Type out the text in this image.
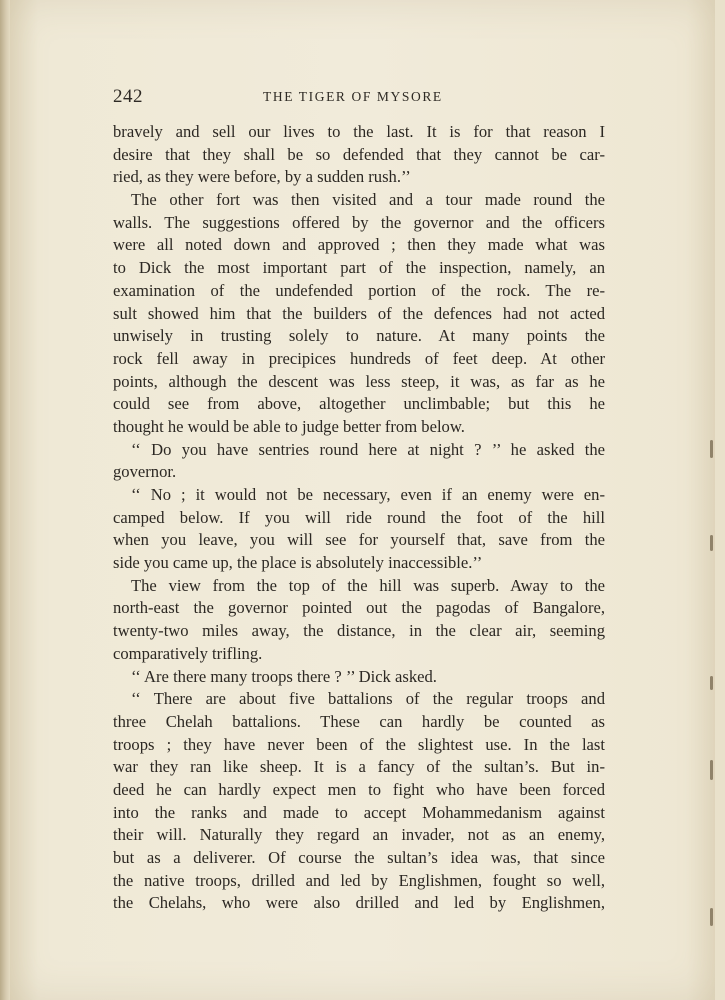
242	THE TIGER OF MYSORE
bravely and sell our lives to the last. It is for that reason I
desire that they shall be so defended that they cannot be car-
ried, as they were before, by a sudden rush.’’
The other fort was then visited and a tour made round the
walls. The suggestions offered by the governor and the officers
were all noted down and approved ; then they made what was
to Dick the most important part of the inspection, namely, an
examination of the undefended portion of the rock. The re-
sult showed him that the builders of the defences had not acted
unwisely in trusting solely to nature. At many points the
rock fell away in precipices hundreds of feet deep. At other
points, although the descent was less steep, it was, as far as he
could see from above, altogether unclimbable; but this he
thought he would be able to judge better from below.
‘‘ Do you have sentries round here at night ? ’’ he asked the
governor.
‘‘ No ; it would not be necessary, even if an enemy were en-
camped below. If you will ride round the foot of the hill
when you leave, you will see for yourself that, save from the
side you came up, the place is absolutely inaccessible.’’
The view from the top of the hill was superb. Away to the
north-east the governor pointed out the pagodas of Bangalore,
twenty-two miles away, the distance, in the clear air, seeming
comparatively trifling.
‘‘ Are there many troops there ? ’’ Dick asked.
‘‘ There are about five battalions of the regular troops and
three Chelah battalions. These can hardly be counted as
troops ; they have never been of the slightest use. In the last
war they ran like sheep. It is a fancy of the sultan’s. But in-
deed he can hardly expect men to fight who have been forced
into the ranks and made to accept Mohammedanism against
their will. Naturally they regard an invader, not as an enemy,
but as a deliverer. Of course the sultan’s idea was, that since
the native troops, drilled and led by Englishmen, fought so well,
the Chelahs, who were also drilled and led by Englishmen,
